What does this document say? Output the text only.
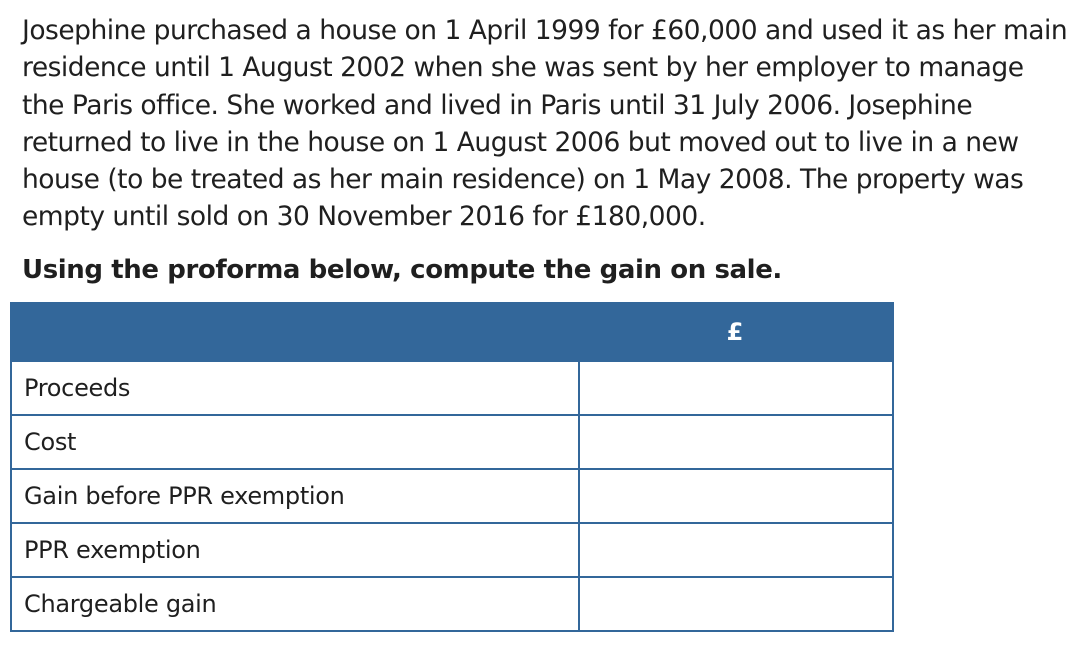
Josephine purchased a house on 1 April 1999 for £60,000 and used it as her main residence until 1 August 2002 when she was sent by her employer to manage the Paris office. She worked and lived in Paris until 31 July 2006. Josephine returned to live in the house on 1 August 2006 but moved out to live in a new house (to be treated as her main residence) on 1 May 2008. The property was empty until sold on 30 November 2016 for £180,000.

Using the proforma below, compute the gain on sale.

	£
Proceeds	
Cost	
Gain before PPR exemption	
PPR exemption	
Chargeable gain	
